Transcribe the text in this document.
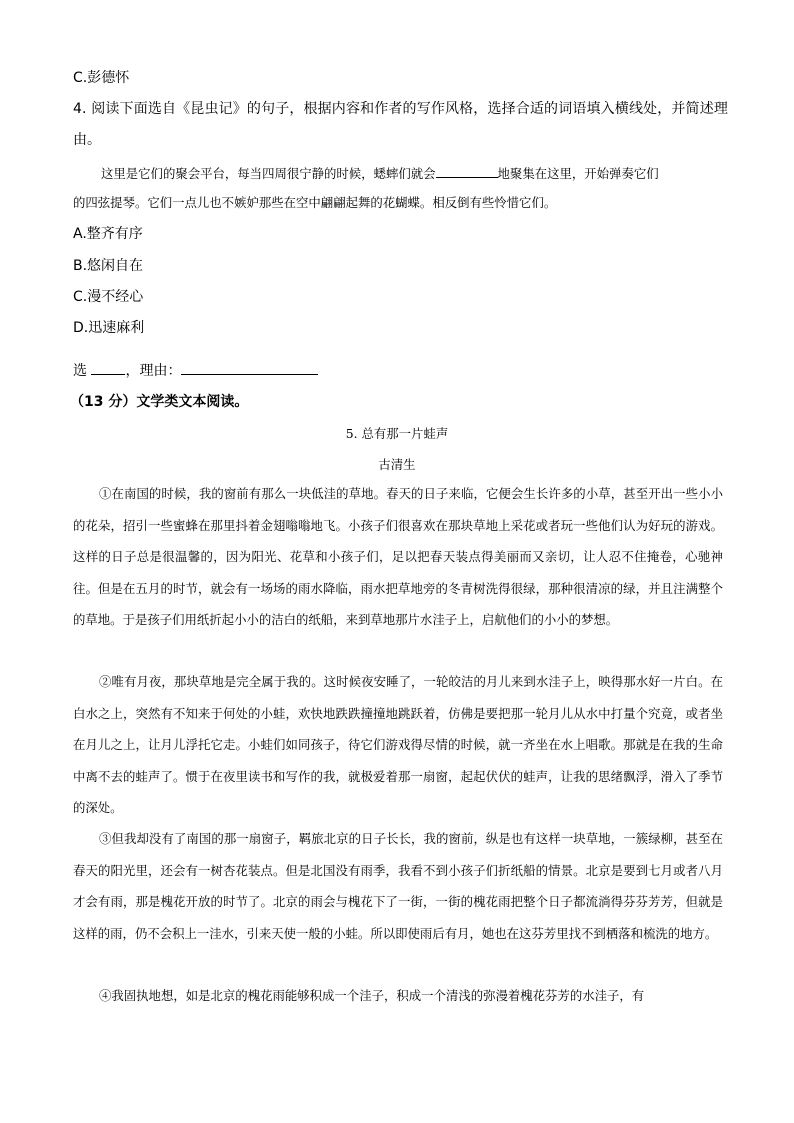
C.彭德怀
4. 阅读下面选自《昆虫记》的句子，根据内容和作者的写作风格，选择合适的词语填入横线处，并简述理
由。
这里是它们的聚会平台，每当四周很宁静的时候，蟋蟀们就会	地聚集在这里，开始弹奏它们
的四弦提琴。它们一点儿也不嫉妒那些在空中翩翩起舞的花蝴蝶。相反倒有些怜惜它们。
A.整齐有序
B.悠闲自在
C.漫不经心
D.迅速麻利
选	，理由：
（13 分）文学类文本阅读。
5. 总有那一片蛙声
古清生
①在南国的时候，我的窗前有那么一块低洼的草地。春天的日子来临，它便会生长许多的小草，甚至开出一些小小的花朵，招引一些蜜蜂在那里抖着金翅嗡嗡地飞。小孩子们很喜欢在那块草地上采花或者玩一些他们认为好玩的游戏。这样的日子总是很温馨的，因为阳光、花草和小孩子们，足以把春天装点得美丽而又亲切，让人忍不住掩卷，心驰神往。但是在五月的时节，就会有一场场的雨水降临，雨水把草地旁的冬青树洗得很绿，那种很清凉的绿，并且注满整个的草地。于是孩子们用纸折起小小的洁白的纸船，来到草地那片水洼子上，启航他们的小小的梦想。
②唯有月夜，那块草地是完全属于我的。这时候夜安睡了，一轮皎洁的月儿来到水洼子上，映得那水好一片白。在白水之上，突然有不知来于何处的小蛙，欢快地跌跌撞撞地跳跃着，仿佛是要把那一轮月儿从水中打量个究竟，或者坐在月儿之上，让月儿浮托它走。小蛙们如同孩子，待它们游戏得尽情的时候，就一齐坐在水上唱歌。那就是在我的生命中离不去的蛙声了。惯于在夜里读书和写作的我，就极爱着那一扇窗，起起伏伏的蛙声，让我的思绪飘浮，滑入了季节的深处。
③但我却没有了南国的那一扇窗子，羁旅北京的日子长长，我的窗前，纵是也有这样一块草地，一簇绿柳，甚至在春天的阳光里，还会有一树杏花装点。但是北国没有雨季，我看不到小孩子们折纸船的情景。北京是要到七月或者八月才会有雨，那是槐花开放的时节了。北京的雨会与槐花下了一街，一街的槐花雨把整个日子都流淌得芬芬芳芳，但就是这样的雨，仍不会积上一洼水，引来天使一般的小蛙。所以即使雨后有月，她也在这芬芳里找不到栖落和梳洗的地方。
④我固执地想，如是北京的槐花雨能够积成一个洼子，积成一个清浅的弥漫着槐花芬芳的水洼子，有
